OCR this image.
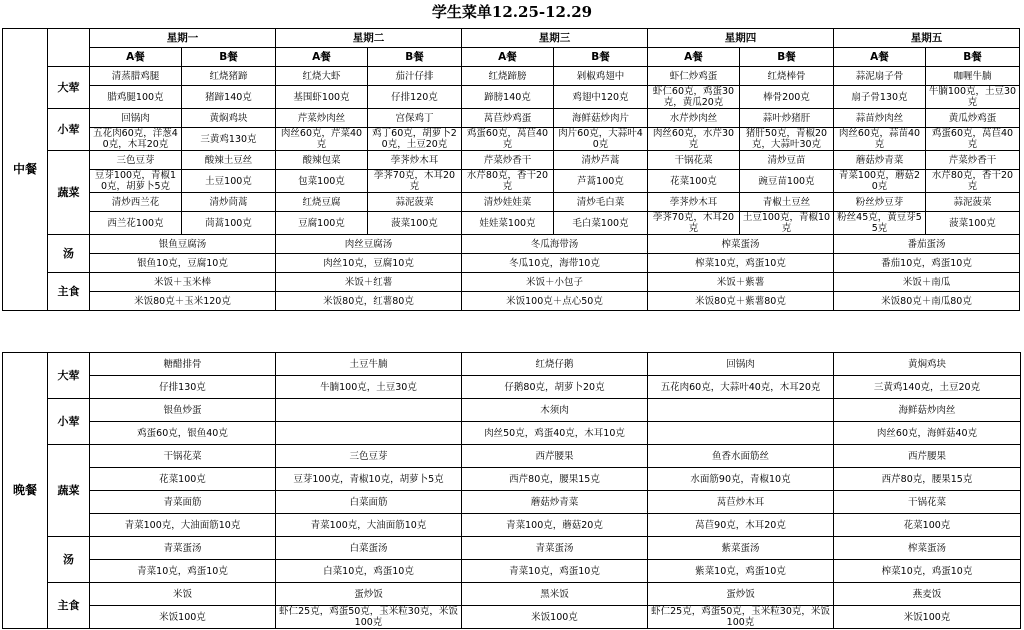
学生菜单12.25-12.29
中餐		星期一		星期二		星期三		星期四		星期五	
		A餐	B餐	A餐	B餐	A餐	B餐	A餐	B餐	A餐	B餐
	大荤	清蒸腊鸡腿	红烧猪蹄	红烧大虾	茄汁仔排	红烧蹄膀	剁椒鸡翅中	虾仁炒鸡蛋	红烧棒骨	蒜泥扇子骨	咖喱牛腩
		腊鸡腿100克	猪蹄140克	基围虾100克	仔排120克	蹄膀140克	鸡翅中120克	虾仁60克，鸡蛋30克，黄瓜20克	棒骨200克	扇子骨130克	牛腩100克，土豆30克
	小荤	回锅肉	黄焖鸡块	芹菜炒肉丝	宫保鸡丁	莴苣炒鸡蛋	海鲜菇炒肉片	水芹炒肉丝	蒜叶炒猪肝	蒜苗炒肉丝	黄瓜炒鸡蛋
		五花肉60克，洋葱40克，木耳20克	三黄鸡130克	肉丝60克，芹菜40克	鸡丁60克，胡萝卜20克，土豆20克	鸡蛋60克，莴苣40克	肉片60克，大蒜叶40克	肉丝60克，水芹30克	猪肝50克，青椒20克，大蒜叶30克	肉丝60克，蒜苗40克	鸡蛋60克，莴苣40克
	蔬菜	三色豆芽	酸辣土豆丝	酸辣包菜	荸荠炒木耳	芹菜炒香干	清炒芦蒿	干锅花菜	清炒豆苗	蘑菇炒青菜	芹菜炒香干
		豆芽100克，青椒10克，胡萝卜5克	土豆100克	包菜100克	荸荠70克，木耳20克	水芹80克，香干20克	芦蒿100克	花菜100克	豌豆苗100克	青菜100克，蘑菇20克	水芹80克，香干20克
		清炒西兰花	清炒茼蒿	红烧豆腐	蒜泥菠菜	清炒娃娃菜	清炒毛白菜	荸荠炒木耳	青椒土豆丝	粉丝炒豆芽	蒜泥菠菜
		西兰花100克	茼蒿100克	豆腐100克	菠菜100克	娃娃菜100克	毛白菜100克	荸荠70克，木耳20克	土豆100克，青椒10克	粉丝45克，黄豆芽55克	菠菜100克
	汤	银鱼豆腐汤		肉丝豆腐汤		冬瓜海带汤		榨菜蛋汤		番茄蛋汤	
		银鱼10克，豆腐10克		肉丝10克，豆腐10克		冬瓜10克，海带10克		榨菜10克，鸡蛋10克		番茄10克，鸡蛋10克	
	主食	米饭＋玉米棒		米饭＋红薯		米饭＋小包子		米饭＋紫薯		米饭＋南瓜	
		米饭80克＋玉米120克		米饭80克，红薯80克		米饭100克＋点心50克		米饭80克＋紫薯80克		米饭80克＋南瓜80克	
晚餐	大荤	糖醋排骨	土豆牛腩	红烧仔鹅	回锅肉	黄焖鸡块
		仔排130克	牛腩100克，土豆30克	仔鹅80克，胡萝卜20克	五花肉60克，大蒜叶40克，木耳20克	三黄鸡140克，土豆20克
	小荤	银鱼炒蛋		木须肉		海鲜菇炒肉丝
		鸡蛋60克，银鱼40克		肉丝50克，鸡蛋40克，木耳10克		肉丝60克，海鲜菇40克
	蔬菜	干锅花菜	三色豆芽	西芹腰果	鱼香水面筋丝	西芹腰果
		花菜100克	豆芽100克，青椒10克，胡萝卜5克	西芹80克，腰果15克	水面筋90克，青椒10克	西芹80克，腰果15克
		青菜面筋	白菜面筋	蘑菇炒青菜	莴苣炒木耳	干锅花菜
		青菜100克，大油面筋10克	青菜100克，大油面筋10克	青菜100克，蘑菇20克	莴苣90克，木耳20克	花菜100克
	汤	青菜蛋汤	白菜蛋汤	青菜蛋汤	紫菜蛋汤	榨菜蛋汤
		青菜10克，鸡蛋10克	白菜10克，鸡蛋10克	青菜10克，鸡蛋10克	紫菜10克，鸡蛋10克	榨菜10克，鸡蛋10克
	主食	米饭	蛋炒饭	黑米饭	蛋炒饭	燕麦饭
		米饭100克	虾仁25克，鸡蛋50克，玉米粒30克，米饭100克	米饭100克	虾仁25克，鸡蛋50克，玉米粒30克，米饭100克	米饭100克
